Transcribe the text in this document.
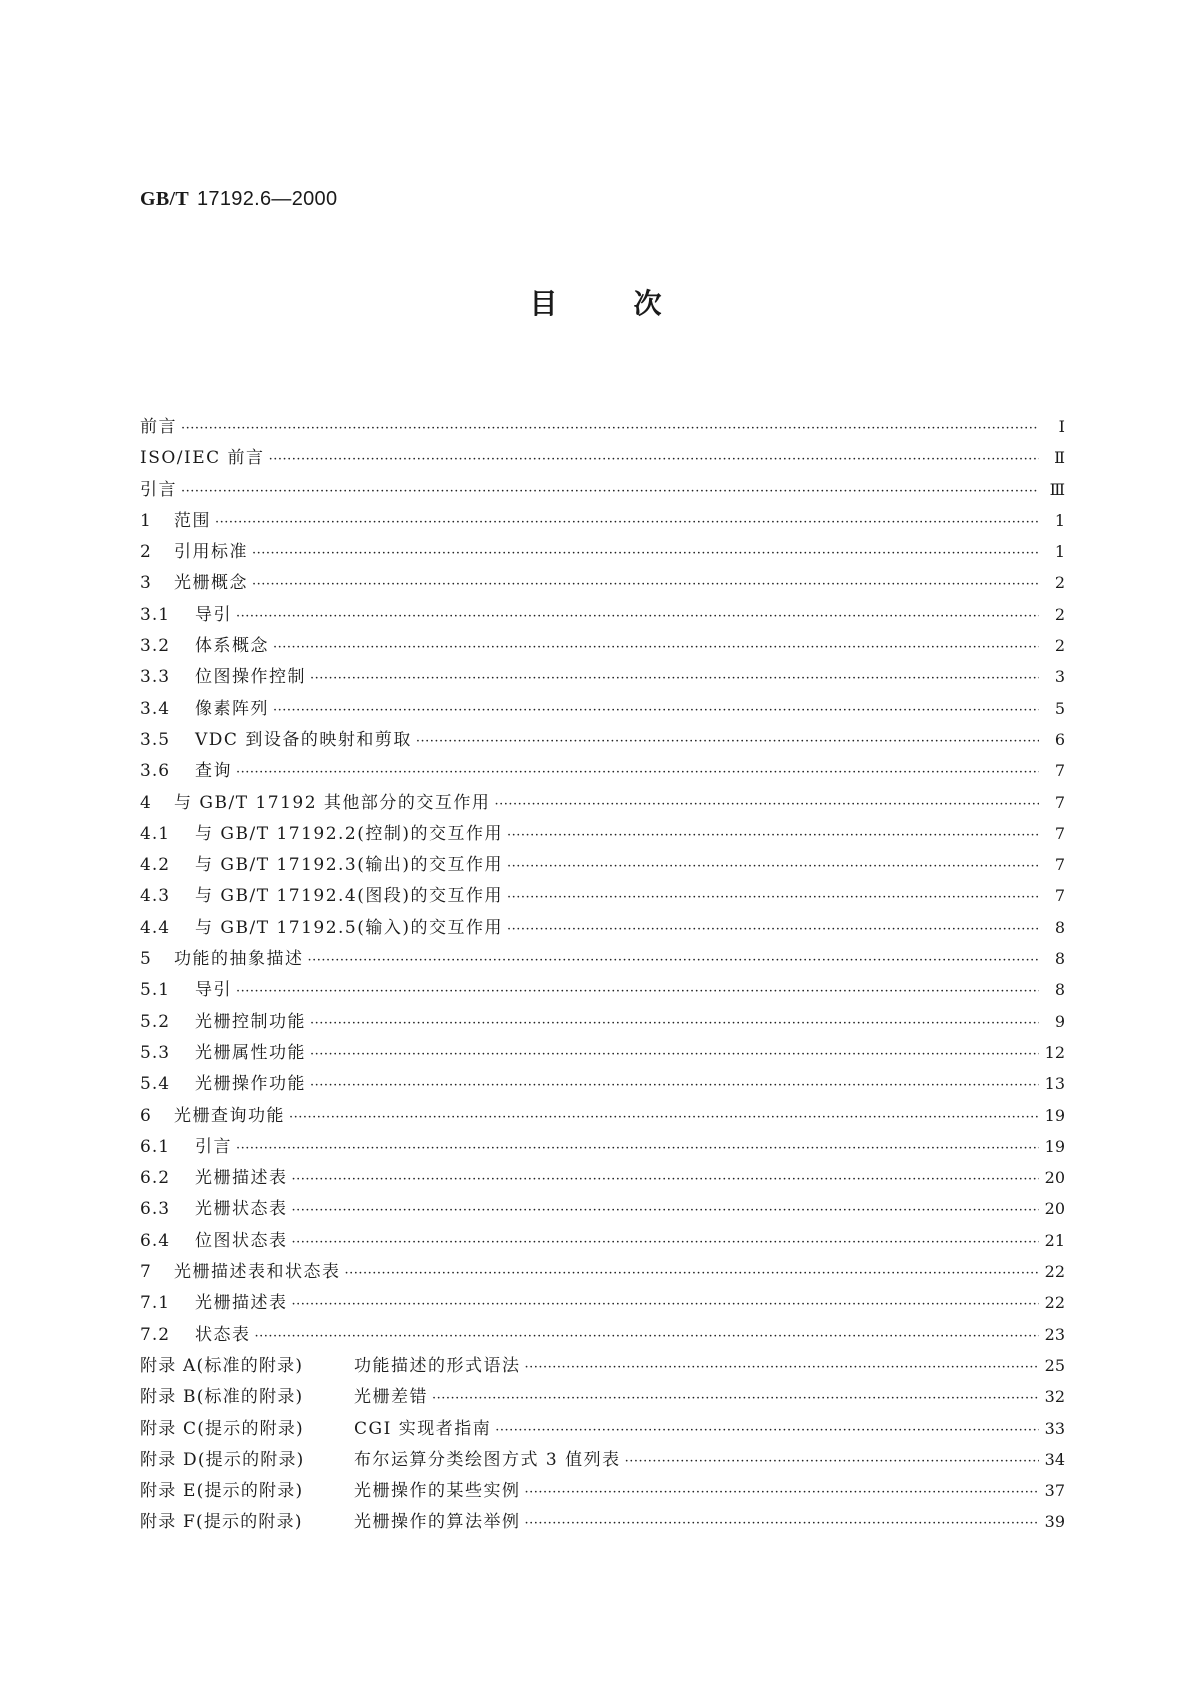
GB/T 17192.6—2000
目	次
前言 ·····	Ⅰ
ISO/IEC 前言 ·····	Ⅱ
引言 ·····	Ⅲ
1	范围 ·····	1
2	引用标准 ·····	1
3	光栅概念 ·····	2
3.1	导引 ·····	2
3.2	体系概念 ·····	2
3.3	位图操作控制 ·····	3
3.4	像素阵列 ·····	5
3.5	VDC 到设备的映射和剪取 ·····	6
3.6	查询 ·····	7
4	与 GB/T 17192 其他部分的交互作用 ·····	7
4.1	与 GB/T 17192.2(控制)的交互作用 ·····	7
4.2	与 GB/T 17192.3(输出)的交互作用 ·····	7
4.3	与 GB/T 17192.4(图段)的交互作用 ·····	7
4.4	与 GB/T 17192.5(输入)的交互作用 ·····	8
5	功能的抽象描述 ·····	8
5.1	导引 ·····	8
5.2	光栅控制功能 ·····	9
5.3	光栅属性功能 ·····	12
5.4	光栅操作功能 ·····	13
6	光栅查询功能 ·····	19
6.1	引言 ·····	19
6.2	光栅描述表 ·····	20
6.3	光栅状态表 ·····	20
6.4	位图状态表 ·····	21
7	光栅描述表和状态表 ·····	22
7.1	光栅描述表 ·····	22
7.2	状态表 ·····	23
附录 A(标准的附录)	功能描述的形式语法 ·····	25
附录 B(标准的附录)	光栅差错 ·····	32
附录 C(提示的附录)	CGI 实现者指南 ·····	33
附录 D(提示的附录)	布尔运算分类绘图方式 3 值列表 ·····	34
附录 E(提示的附录)	光栅操作的某些实例 ·····	37
附录 F(提示的附录)	光栅操作的算法举例 ·····	39
